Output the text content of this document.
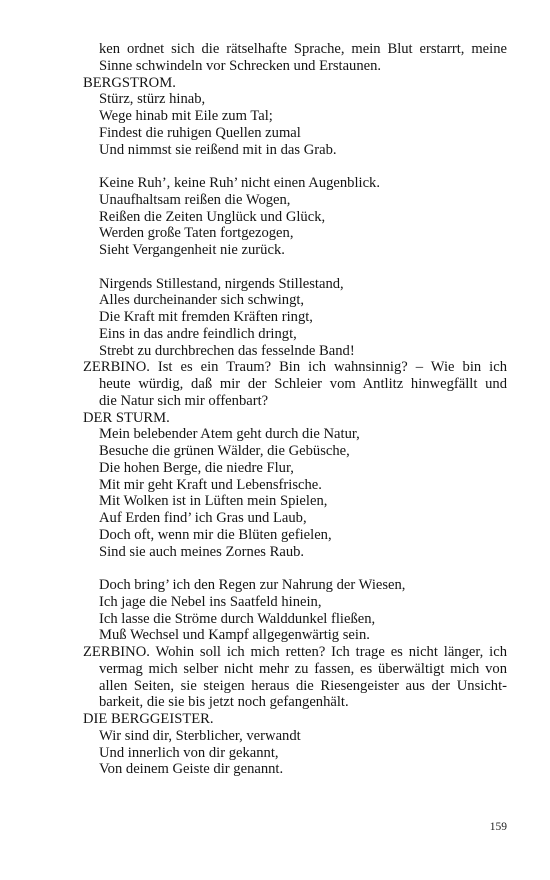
ken ordnet sich die rätselhafte Sprache, mein Blut erstarrt, meine
Sinne schwindeln vor Schrecken und Erstaunen.
BERGSTROM.
Stürz, stürz hinab,
Wege hinab mit Eile zum Tal;
Findest die ruhigen Quellen zumal
Und nimmst sie reißend mit in das Grab.
Keine Ruh’, keine Ruh’ nicht einen Augenblick.
Unaufhaltsam reißen die Wogen,
Reißen die Zeiten Unglück und Glück,
Werden große Taten fortgezogen,
Sieht Vergangenheit nie zurück.
Nirgends Stillestand, nirgends Stillestand,
Alles durcheinander sich schwingt,
Die Kraft mit fremden Kräften ringt,
Eins in das andre feindlich dringt,
Strebt zu durchbrechen das fesselnde Band!
ZERBINO. Ist es ein Traum? Bin ich wahnsinnig? – Wie bin ich
heute würdig, daß mir der Schleier vom Antlitz hinwegfällt und
die Natur sich mir offenbart?
DER STURM.
Mein belebender Atem geht durch die Natur,
Besuche die grünen Wälder, die Gebüsche,
Die hohen Berge, die niedre Flur,
Mit mir geht Kraft und Lebensfrische.
Mit Wolken ist in Lüften mein Spielen,
Auf Erden find’ ich Gras und Laub,
Doch oft, wenn mir die Blüten gefielen,
Sind sie auch meines Zornes Raub.
Doch bring’ ich den Regen zur Nahrung der Wiesen,
Ich jage die Nebel ins Saatfeld hinein,
Ich lasse die Ströme durch Walddunkel fließen,
Muß Wechsel und Kampf allgegenwärtig sein.
ZERBINO. Wohin soll ich mich retten? Ich trage es nicht länger, ich
vermag mich selber nicht mehr zu fassen, es überwältigt mich von
allen Seiten, sie steigen heraus die Riesengeister aus der Unsicht-
barkeit, die sie bis jetzt noch gefangenhält.
DIE BERGGEISTER.
Wir sind dir, Sterblicher, verwandt
Und innerlich von dir gekannt,
Von deinem Geiste dir genannt.
159
